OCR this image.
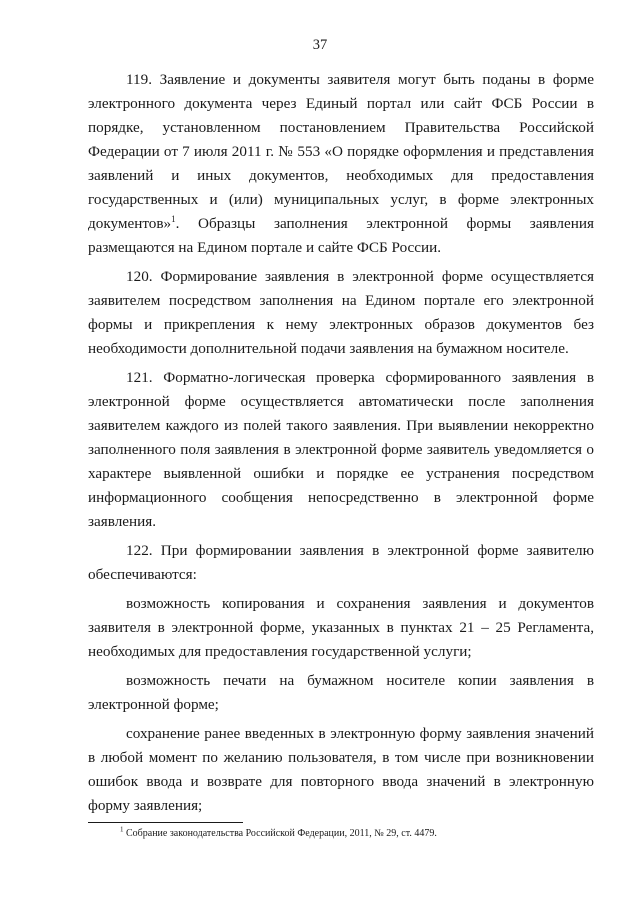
37

119. Заявление и документы заявителя могут быть поданы в форме электронного документа через Единый портал или сайт ФСБ России в порядке, установленном постановлением Правительства Российской Федерации от 7 июля 2011 г. № 553 «О порядке оформления и представления заявлений и иных документов, необходимых для предоставления государственных и (или) муниципальных услуг, в форме электронных документов»$^1$. Образцы заполнения электронной формы заявления размещаются на Едином портале и сайте ФСБ России.

120. Формирование заявления в электронной форме осуществляется заявителем посредством заполнения на Едином портале его электронной формы и прикрепления к нему электронных образов документов без необходимости дополнительной подачи заявления на бумажном носителе.

121. Форматно-логическая проверка сформированного заявления в электронной форме осуществляется автоматически после заполнения заявителем каждого из полей такого заявления. При выявлении некорректно заполненного поля заявления в электронной форме заявитель уведомляется о характере выявленной ошибки и порядке ее устранения посредством информационного сообщения непосредственно в электронной форме заявления.

122. При формировании заявления в электронной форме заявителю обеспечиваются:

возможность копирования и сохранения заявления и документов заявителя в электронной форме, указанных в пунктах 21 – 25 Регламента, необходимых для предоставления государственной услуги;

возможность печати на бумажном носителе копии заявления в электронной форме;

сохранение ранее введенных в электронную форму заявления значений в любой момент по желанию пользователя, в том числе при возникновении ошибок ввода и возврате для повторного ввода значений в электронную форму заявления;

$^1$ Собрание законодательства Российской Федерации, 2011, № 29, ст. 4479.
